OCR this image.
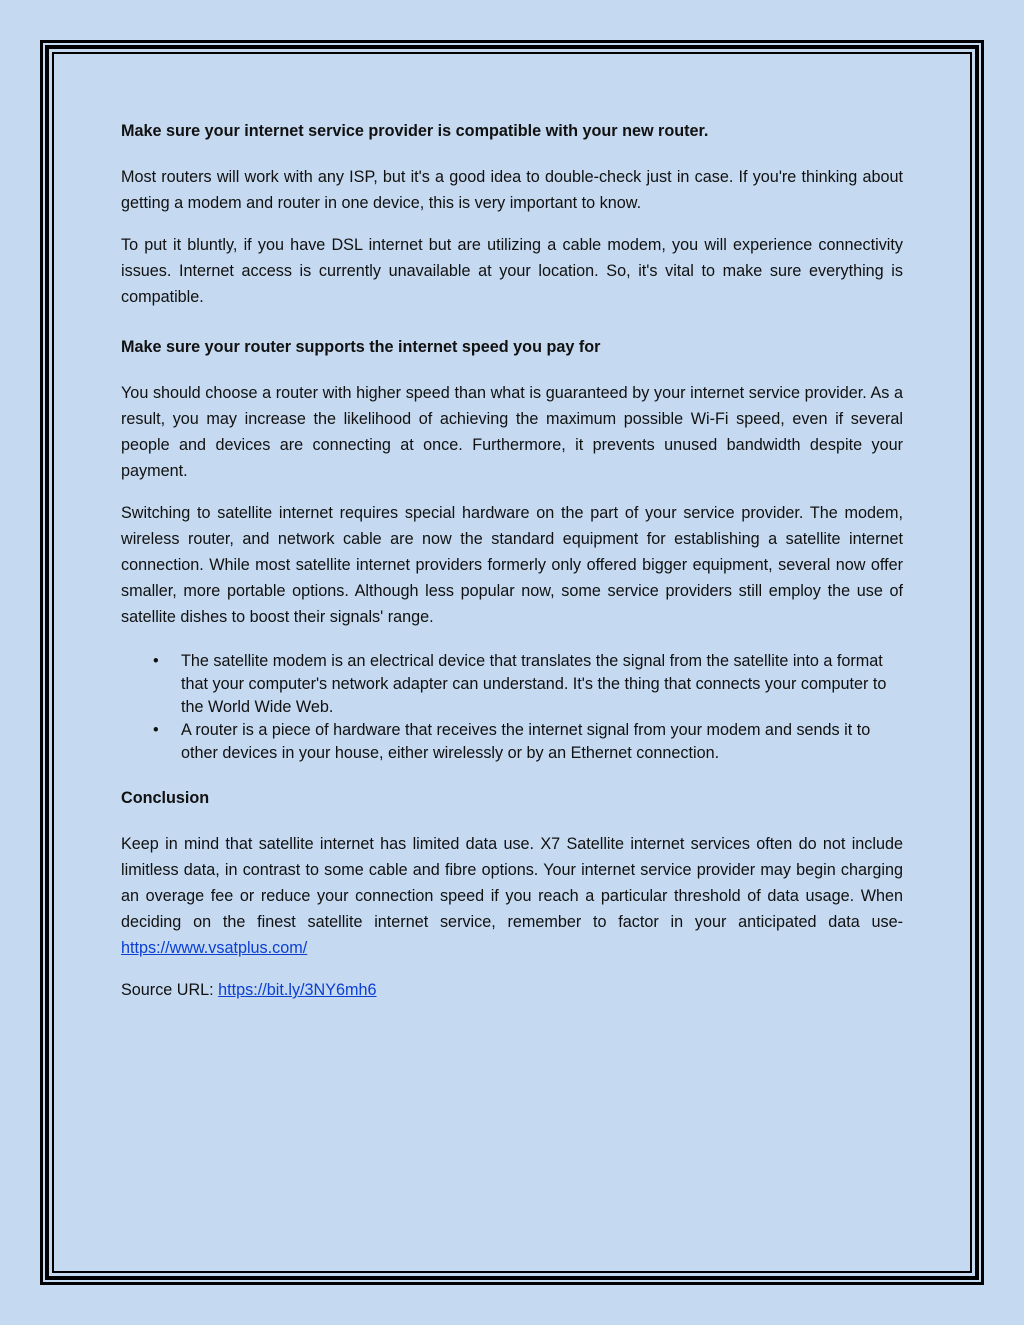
Make sure your internet service provider is compatible with your new router.

Most routers will work with any ISP, but it's a good idea to double-check just in case. If you're thinking about getting a modem and router in one device, this is very important to know.

To put it bluntly, if you have DSL internet but are utilizing a cable modem, you will experience connectivity issues. Internet access is currently unavailable at your location. So, it's vital to make sure everything is compatible.

Make sure your router supports the internet speed you pay for

You should choose a router with higher speed than what is guaranteed by your internet service provider. As a result, you may increase the likelihood of achieving the maximum possible Wi-Fi speed, even if several people and devices are connecting at once. Furthermore, it prevents unused bandwidth despite your payment.

Switching to satellite internet requires special hardware on the part of your service provider. The modem, wireless router, and network cable are now the standard equipment for establishing a satellite internet connection. While most satellite internet providers formerly only offered bigger equipment, several now offer smaller, more portable options. Although less popular now, some service providers still employ the use of satellite dishes to boost their signals' range.

• The satellite modem is an electrical device that translates the signal from the satellite into a format that your computer's network adapter can understand. It's the thing that connects your computer to the World Wide Web.
• A router is a piece of hardware that receives the internet signal from your modem and sends it to other devices in your house, either wirelessly or by an Ethernet connection.
Conclusion

Keep in mind that satellite internet has limited data use. X7 Satellite internet services often do not include limitless data, in contrast to some cable and fibre options. Your internet service provider may begin charging an overage fee or reduce your connection speed if you reach a particular threshold of data usage. When deciding on the finest satellite internet service, remember to factor in your anticipated data use-https://www.vsatplus.com/

Source URL: https://bit.ly/3NY6mh6
